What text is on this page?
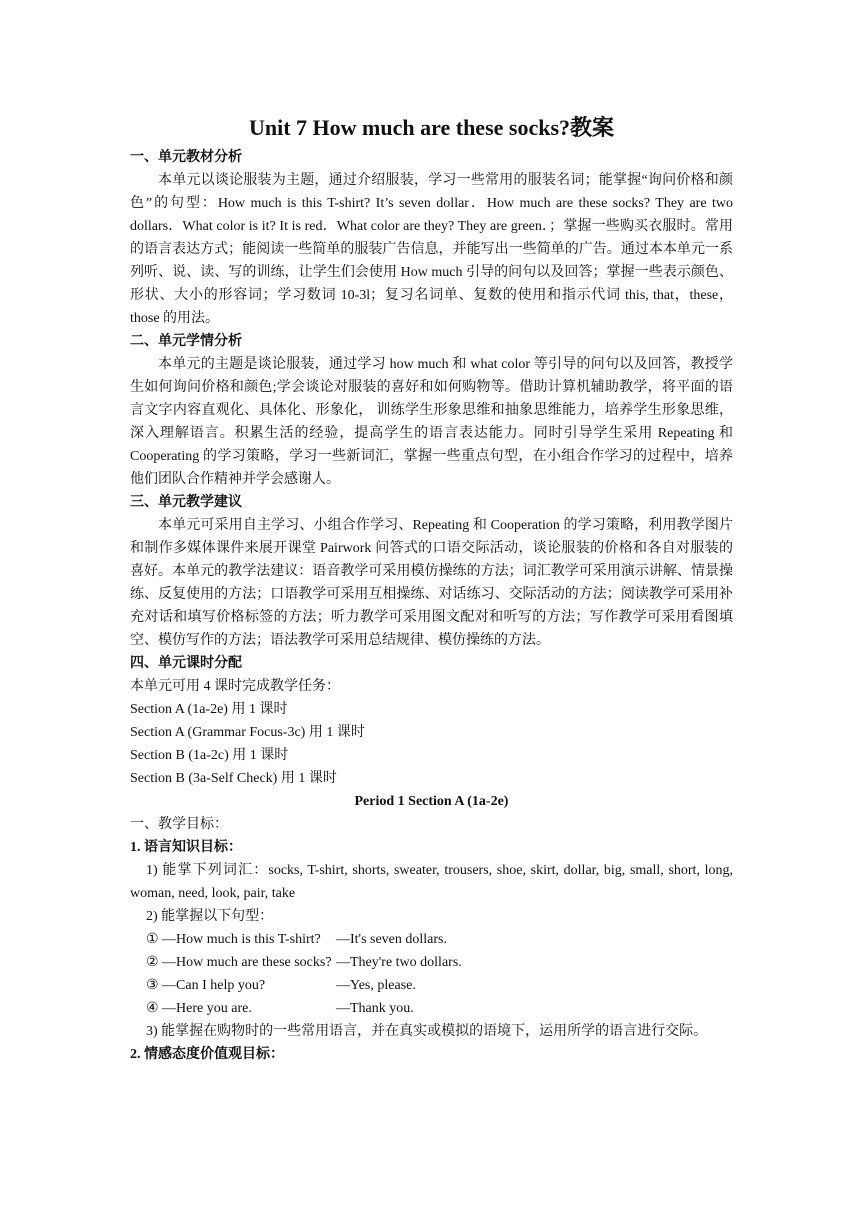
Unit 7 How much are these socks?教案

一、单元教材分析

本单元以谈论服装为主题，通过介绍服装，学习一些常用的服装名词；能掌握“询问价格和颜色”的句型：How much is this T-shirt? It’s seven dollar．How much are these socks? They are two dollars．What color is it? It is red．What color are they? They are green．；掌握一些购买衣服时。常用的语言表达方式；能阅读一些简单的服装广告信息，并能写出一些简单的广告。通过本本单元一系列听、说、读、写的训练，让学生们会使用 How much 引导的问句以及回答；掌握一些表示颜色、形状、大小的形容词；学习数词 10-3l；复习名词单、复数的使用和指示代词 this, that，these，those 的用法。

二、单元学情分析

本单元的主题是谈论服装，通过学习 how much 和 what color 等引导的问句以及回答，教授学生如何询问价格和颜色;学会谈论对服装的喜好和如何购物等。借助计算机辅助教学，将平面的语言文字内容直观化、具体化、形象化， 训练学生形象思维和抽象思维能力，培养学生形象思维，深入理解语言。积累生活的经验，提高学生的语言表达能力。同时引导学生采用 Repeating 和 Cooperating 的学习策略，学习一些新词汇，掌握一些重点句型，在小组合作学习的过程中，培养他们团队合作精神并学会感谢人。

三、单元教学建议

本单元可采用自主学习、小组合作学习、Repeating 和 Cooperation 的学习策略，利用教学图片和制作多媒体课件来展开课堂 Pairwork 问答式的口语交际活动，谈论服装的价格和各自对服装的喜好。本单元的教学法建议：语音教学可采用模仿操练的方法；词汇教学可采用演示讲解、情景操练、反复使用的方法；口语教学可采用互相操练、对话练习、交际活动的方法；阅读教学可采用补充对话和填写价格标签的方法；听力教学可采用图文配对和听写的方法；写作教学可采用看图填空、模仿写作的方法；语法教学可采用总结规律、模仿操练的方法。

四、单元课时分配

本单元可用 4 课时完成教学任务：

Section A (1a-2e) 用 1 课时

Section A (Grammar Focus-3c) 用 1 课时

Section B (1a-2c) 用 1 课时

Section B (3a-Self Check) 用 1 课时

Period 1 Section A (1a-2e)

一、教学目标：

1. 语言知识目标：

1) 能掌下列词汇：socks, T-shirt, shorts, sweater, trousers, shoe, skirt, dollar, big, small, short, long, woman, need, look, pair, take

2) 能掌握以下句型：

① —How much is this T-shirt? —It's seven dollars.

② —How much are these socks? —They're two dollars.

③ —Can I help you?	—Yes, please.

④ —Here you are.	—Thank you.

3) 能掌握在购物时的一些常用语言，并在真实或模拟的语境下，运用所学的语言进行交际。

2. 情感态度价值观目标：
